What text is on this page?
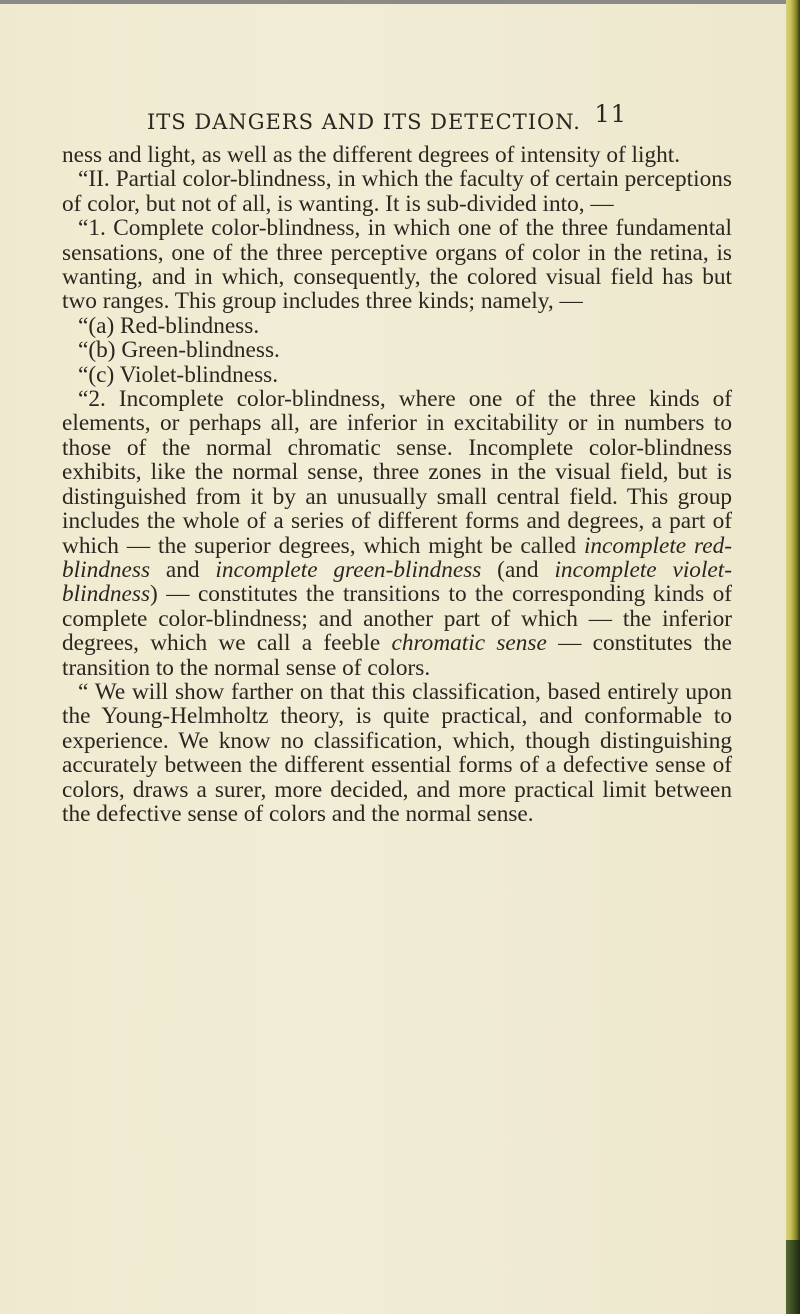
ITS DANGERS AND ITS DETECTION. 11

ness and light, as well as the different degrees of intensity of light.

“II. Partial color-blindness, in which the faculty of certain perceptions of color, but not of all, is wanting. It is sub-divided into, —

“1. Complete color-blindness, in which one of the three fundamental sensations, one of the three perceptive organs of color in the retina, is wanting, and in which, consequently, the colored visual field has but two ranges. This group includes three kinds; namely, —

“(a) Red-blindness.

“(b) Green-blindness.

“(c) Violet-blindness.

“2. Incomplete color-blindness, where one of the three kinds of elements, or perhaps all, are inferior in excitability or in numbers to those of the normal chromatic sense. Incomplete color-blindness exhibits, like the normal sense, three zones in the visual field, but is distinguished from it by an unusually small central field. This group includes the whole of a series of different forms and degrees, a part of which — the superior degrees, which might be called incomplete red-blindness and incomplete green-blindness (and incomplete violet-blindness) — constitutes the transitions to the corresponding kinds of complete color-blindness; and another part of which — the inferior degrees, which we call a feeble chromatic sense — constitutes the transition to the normal sense of colors.

“ We will show farther on that this classification, based entirely upon the Young-Helmholtz theory, is quite practical, and conformable to experience. We know no classification, which, though distinguishing accurately between the different essential forms of a defective sense of colors, draws a surer, more decided, and more practical limit between the defective sense of colors and the normal sense.
